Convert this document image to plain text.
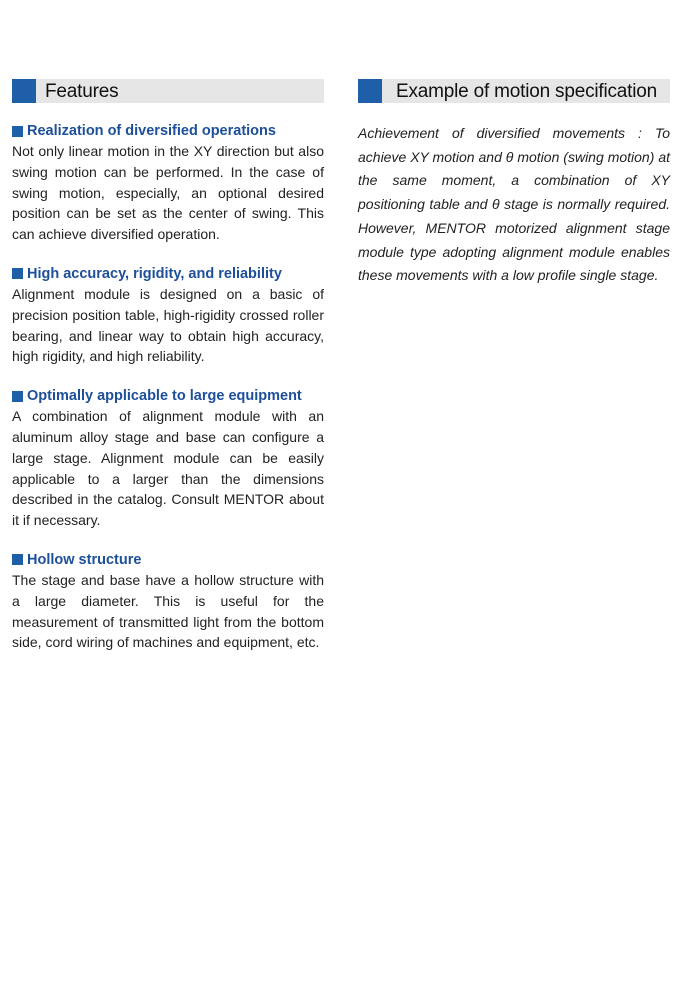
Features
Realization of diversified operations

Not only linear motion in the XY direction but also swing motion can be performed. In the case of swing motion, especially, an optional desired position can be set as the center of swing. This can achieve diversified operation.

High accuracy, rigidity, and reliability

Alignment module is designed on a basic of precision position table, high-rigidity crossed roller bearing, and linear way to obtain high accuracy, high rigidity, and high reliability.

Optimally applicable to large equipment

A combination of alignment module with an aluminum alloy stage and base can configure a large stage. Alignment module can be easily applicable to a larger than the dimensions described in the catalog. Consult MENTOR about it if necessary.

Hollow structure

The stage and base have a hollow structure with a large diameter. This is useful for the measurement of transmitted light from the bottom side, cord wiring of machines and equipment, etc.

Example of motion specification

Achievement of diversified movements : To achieve XY motion and θ motion (swing motion) at the same moment, a combination of XY positioning table and θ stage is normally required. However, MENTOR motorized alignment stage module type adopting alignment module enables these movements with a low profile single stage.
